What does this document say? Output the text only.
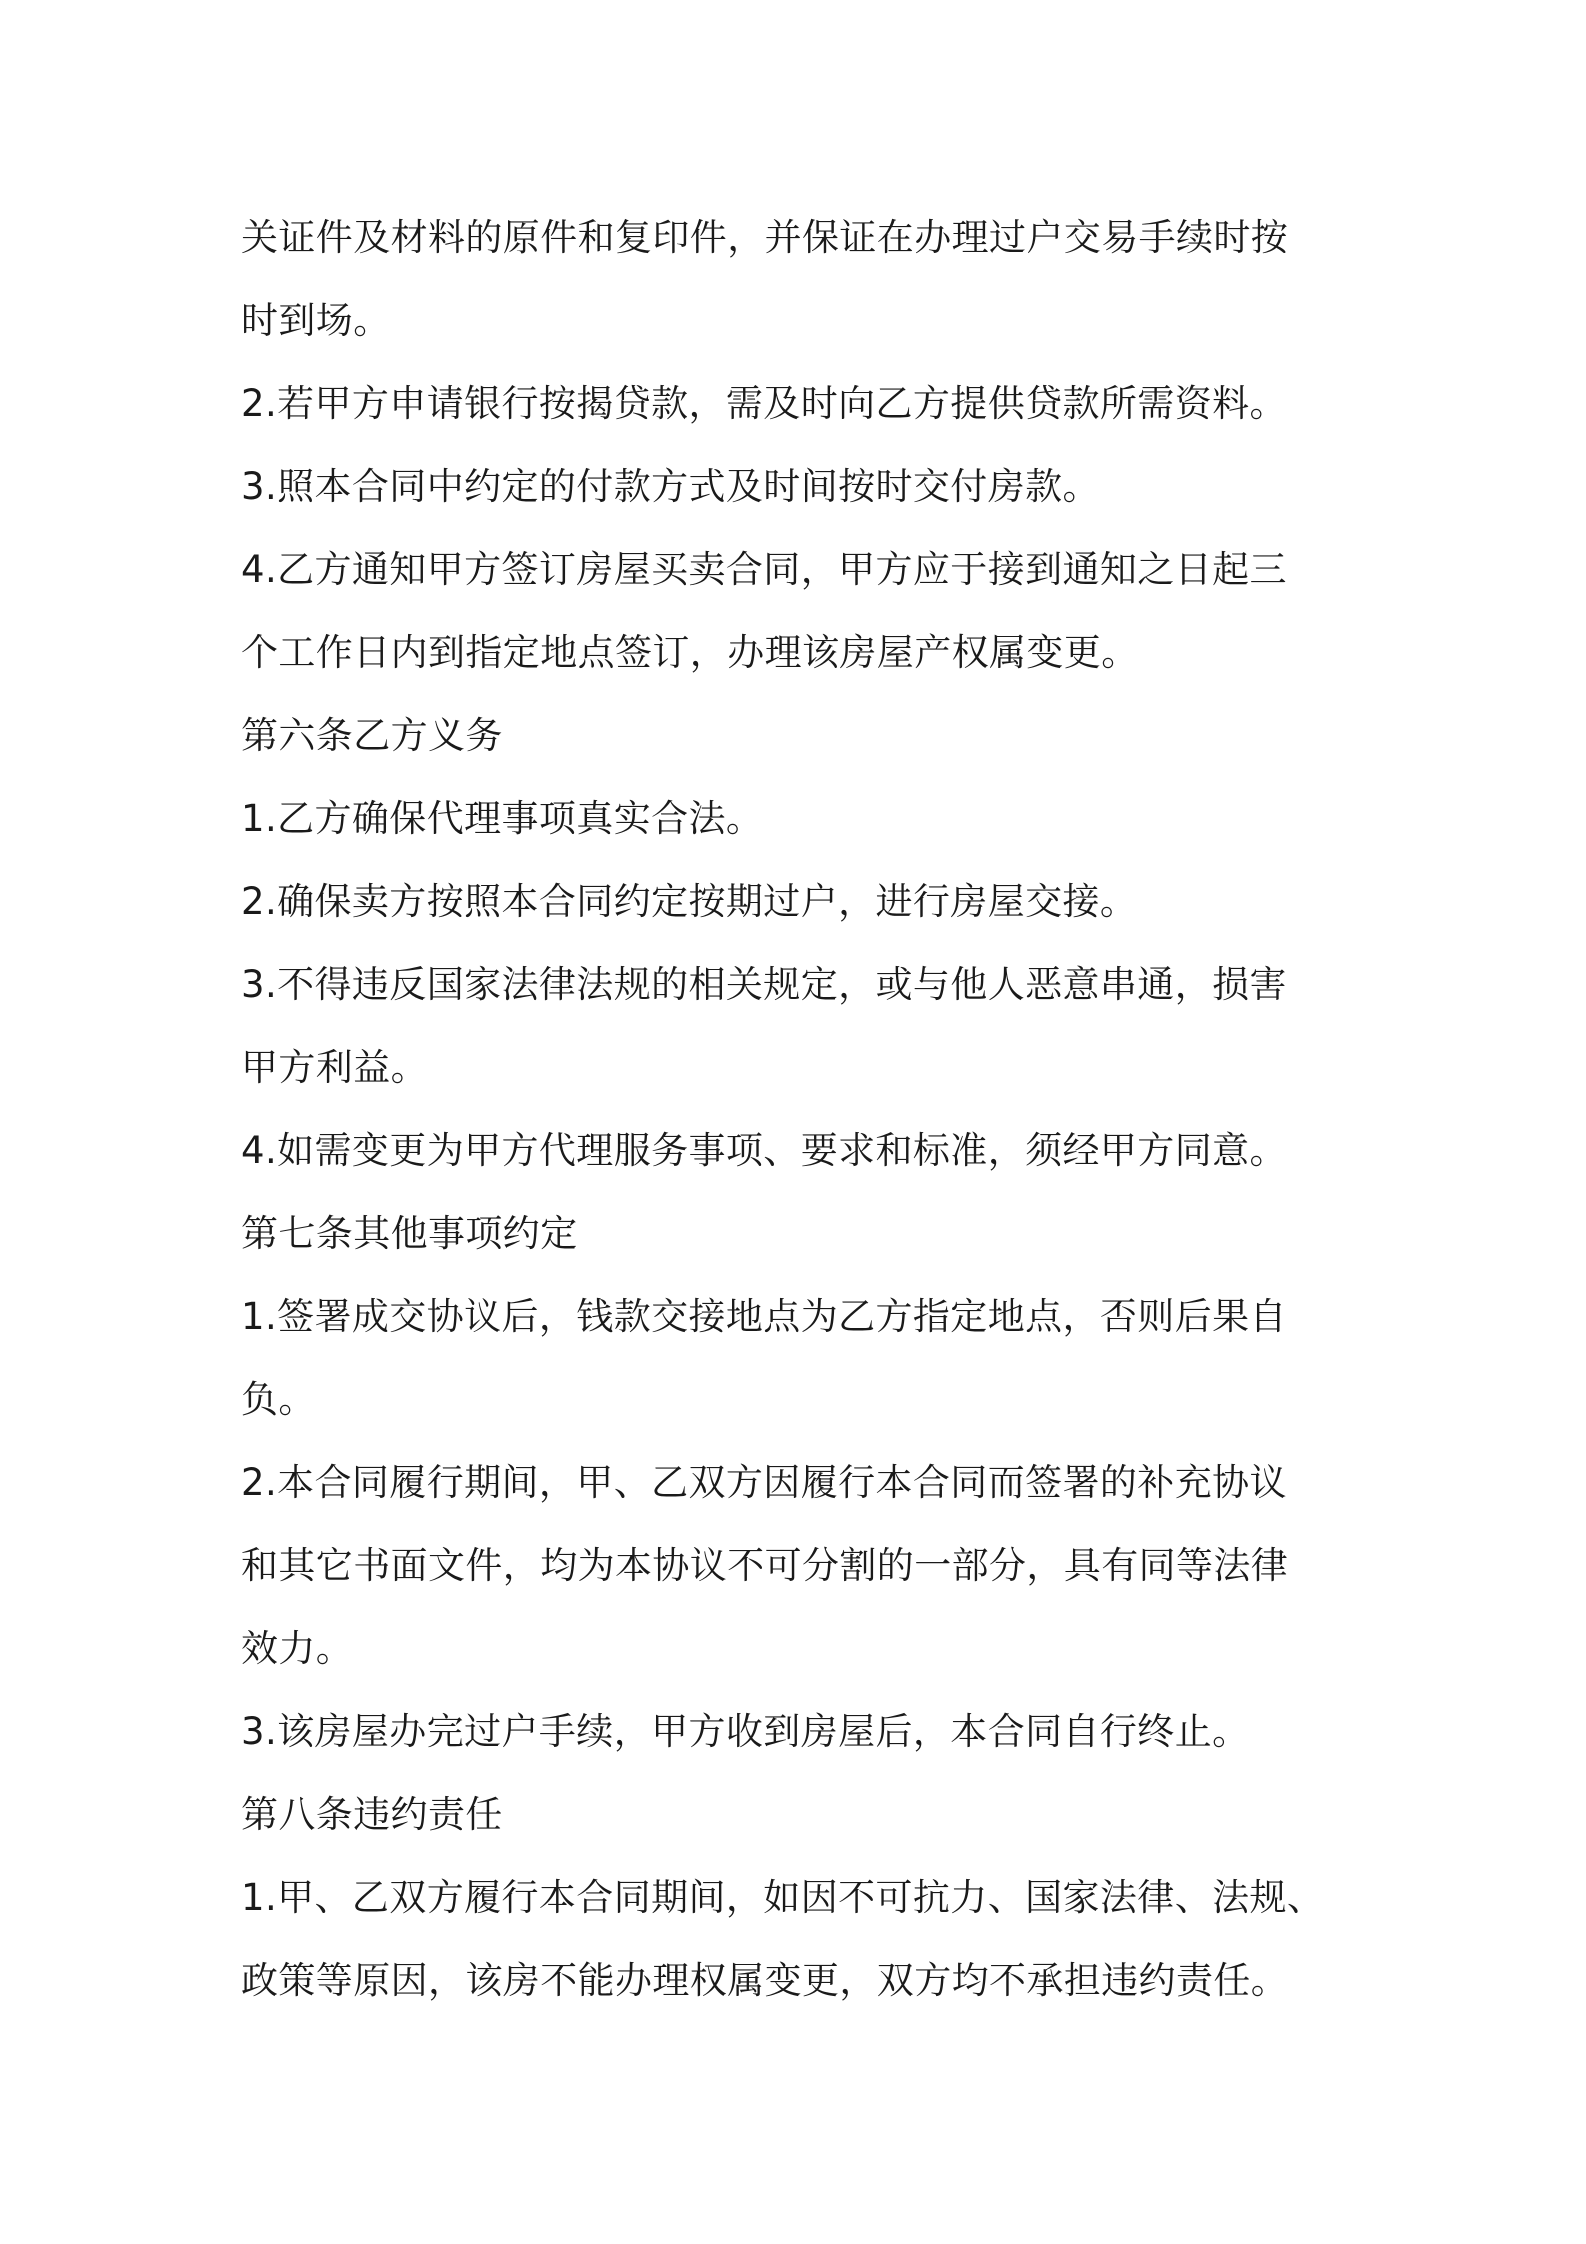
关证件及材料的原件和复印件，并保证在办理过户交易手续时按
时到场。
2.若甲方申请银行按揭贷款，需及时向乙方提供贷款所需资料。
3.照本合同中约定的付款方式及时间按时交付房款。
4.乙方通知甲方签订房屋买卖合同，甲方应于接到通知之日起三
个工作日内到指定地点签订，办理该房屋产权属变更。
第六条乙方义务
1.乙方确保代理事项真实合法。
2.确保卖方按照本合同约定按期过户，进行房屋交接。
3.不得违反国家法律法规的相关规定，或与他人恶意串通，损害
甲方利益。
4.如需变更为甲方代理服务事项、要求和标准，须经甲方同意。
第七条其他事项约定
1.签署成交协议后，钱款交接地点为乙方指定地点，否则后果自
负。
2.本合同履行期间，甲、乙双方因履行本合同而签署的补充协议
和其它书面文件，均为本协议不可分割的一部分，具有同等法律
效力。
3.该房屋办完过户手续，甲方收到房屋后，本合同自行终止。
第八条违约责任
1.甲、乙双方履行本合同期间，如因不可抗力、国家法律、法规、
政策等原因，该房不能办理权属变更，双方均不承担违约责任。
